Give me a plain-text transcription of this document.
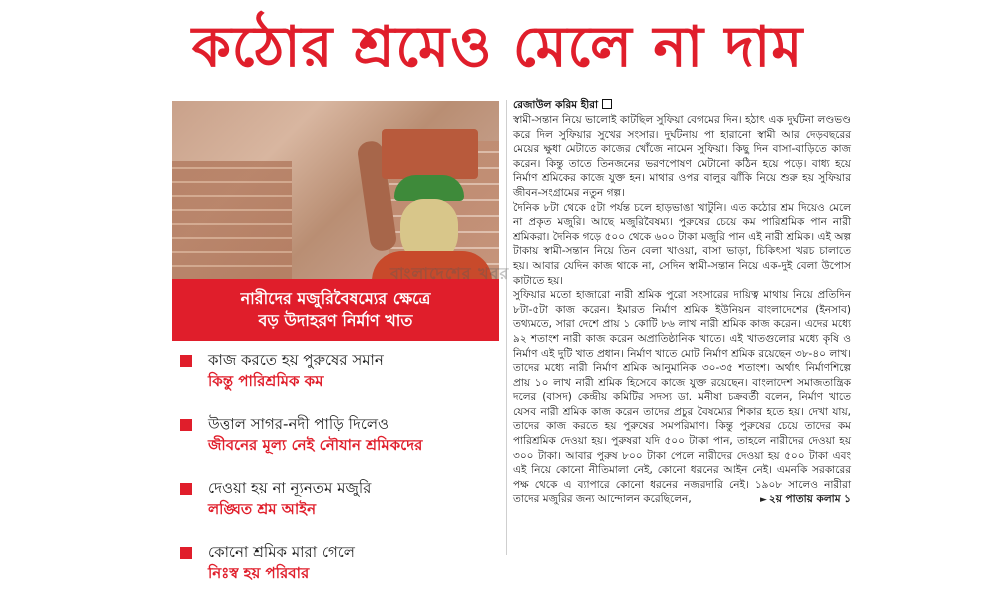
কঠোর শ্রমেও মেলে না দাম
বাংলাদেশের খবর
নারীদের মজুরিবৈষম্যের ক্ষেত্রে
বড় উদাহরণ নির্মাণ খাত
কাজ করতে হয় পুরুষের সমান
কিন্তু পারিশ্রমিক কম
উত্তাল সাগর-নদী পাড়ি দিলেও
জীবনের মূল্য নেই নৌযান শ্রমিকদের
দেওয়া হয় না ন্যূনতম মজুরি
লঙ্ঘিত শ্রম আইন
কোনো শ্রমিক মারা গেলে
নিঃস্ব হয় পরিবার
রেজাউল করিম হীরা

স্বামী-সন্তান নিয়ে ভালোই কাটছিল সুফিয়া বেগমের দিন। হঠাৎ এক দুর্ঘটনা লণ্ডভণ্ড করে দিল সুফিয়ার সুখের সংসার। দুর্ঘটনায় পা হারানো স্বামী আর দেড়বছরের মেয়ের ক্ষুধা মেটাতে কাজের খোঁজে নামেন সুফিয়া। কিছু দিন বাসা-বাড়িতে কাজ করেন। কিন্তু তাতে তিনজনের ভরণপোষণ মেটানো কঠিন হয়ে পড়ে। বাধ্য হয়ে নির্মাণ শ্রমিকের কাজে যুক্ত হন। মাথার ওপর বালুর ঝাঁকি নিয়ে শুরু হয় সুফিয়ার জীবন-সংগ্রামের নতুন গল্প।

দৈনিক ৮টা থেকে ৫টা পর্যন্ত চলে হাড়ভাঙা খাটুনি। এত কঠোর শ্রম দিয়েও মেলে না প্রকৃত মজুরি। আছে মজুরিবৈষম্য। পুরুষের চেয়ে কম পারিশ্রমিক পান নারী শ্রমিকরা। দৈনিক গড়ে ৫০০ থেকে ৬০০ টাকা মজুরি পান এই নারী শ্রমিক। এই অল্প টাকায় স্বামী-সন্তান নিয়ে তিন বেলা খাওয়া, বাসা ভাড়া, চিকিৎসা খরচ চালাতে হয়। আবার যেদিন কাজ থাকে না, সেদিন স্বামী-সন্তান নিয়ে এক-দুই বেলা উপোস কাটাতে হয়।

সুফিয়ার মতো হাজারো নারী শ্রমিক পুরো সংসারের দায়িত্ব মাথায় নিয়ে প্রতিদিন ৮টা-৫টা কাজ করেন। ইমারত নির্মাণ শ্রমিক ইউনিয়ন বাংলাদেশের (ইনসাব) তথ্যমতে, সারা দেশে প্রায় ১ কোটি ৮৬ লাখ নারী শ্রমিক কাজ করেন। এদের মধ্যে ৯২ শতাংশ নারী কাজ করেন অপ্রাতিষ্ঠানিক খাতে। এই খাতগুলোর মধ্যে কৃষি ও নির্মাণ এই দুটি খাত প্রধান। নির্মাণ খাতে মোট নির্মাণ শ্রমিক রয়েছেন ৩৮-৪০ লাখ। তাদের মধ্যে নারী নির্মাণ শ্রমিক আনুমানিক ৩০-৩৫ শতাংশ। অর্থাৎ নির্মাণশিল্পে প্রায় ১০ লাখ নারী শ্রমিক হিসেবে কাজে যুক্ত রয়েছেন। বাংলাদেশ সমাজতান্ত্রিক দলের (বাসদ) কেন্দ্রীয় কমিটির সদস্য ডা. মনীষা চক্রবর্তী বলেন, নির্মাণ খাতে যেসব নারী শ্রমিক কাজ করেন তাদের প্রচুর বৈষম্যের শিকার হতে হয়। দেখা যায়, তাদের কাজ করতে হয় পুরুষের সমপরিমাণ। কিন্তু পুরুষের চেয়ে তাদের কম পারিশ্রমিক দেওয়া হয়। পুরুষরা যদি ৫০০ টাকা পান, তাহলে নারীদের দেওয়া হয় ৩০০ টাকা। আবার পুরুষ ৮০০ টাকা পেলে নারীদের দেওয়া হয় ৫০০ টাকা এবং এই নিয়ে কোনো নীতিমালা নেই, কোনো ধরনের আইন নেই। এমনকি সরকারের পক্ষ থেকে এ ব্যাপারে কোনো ধরনের নজরদারি নেই। ১৯০৮ সালেও নারীরা তাদের মজুরির জন্য আন্দোলন করেছিলেন,	► ২য় পাতায় কলাম ১
